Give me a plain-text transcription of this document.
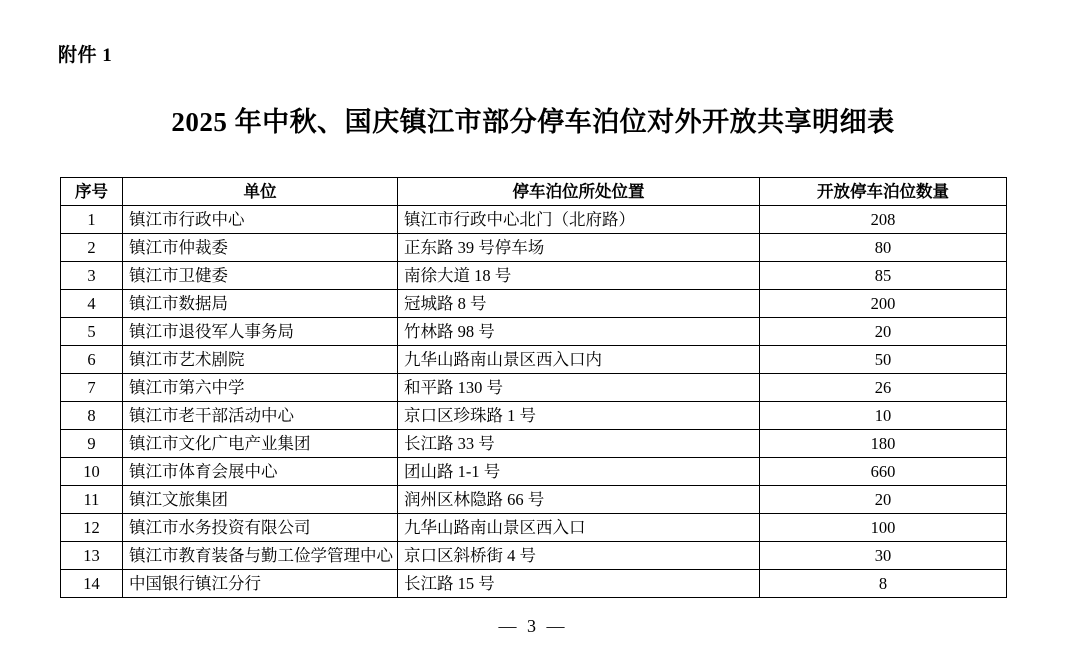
附件 1
2025 年中秋、国庆镇江市部分停车泊位对外开放共享明细表
序号	单位	停车泊位所处位置	开放停车泊位数量
1	镇江市行政中心	镇江市行政中心北门（北府路）	208
2	镇江市仲裁委	正东路 39 号停车场	80
3	镇江市卫健委	南徐大道 18 号	85
4	镇江市数据局	冠城路 8 号	200
5	镇江市退役军人事务局	竹林路 98 号	20
6	镇江市艺术剧院	九华山路南山景区西入口内	50
7	镇江市第六中学	和平路 130 号	26
8	镇江市老干部活动中心	京口区珍珠路 1 号	10
9	镇江市文化广电产业集团	长江路 33 号	180
10	镇江市体育会展中心	团山路 1-1 号	660
11	镇江文旅集团	润州区林隐路 66 号	20
12	镇江市水务投资有限公司	九华山路南山景区西入口	100
13	镇江市教育装备与勤工俭学管理中心	京口区斜桥街 4 号	30
14	中国银行镇江分行	长江路 15 号	8
— 3 —
